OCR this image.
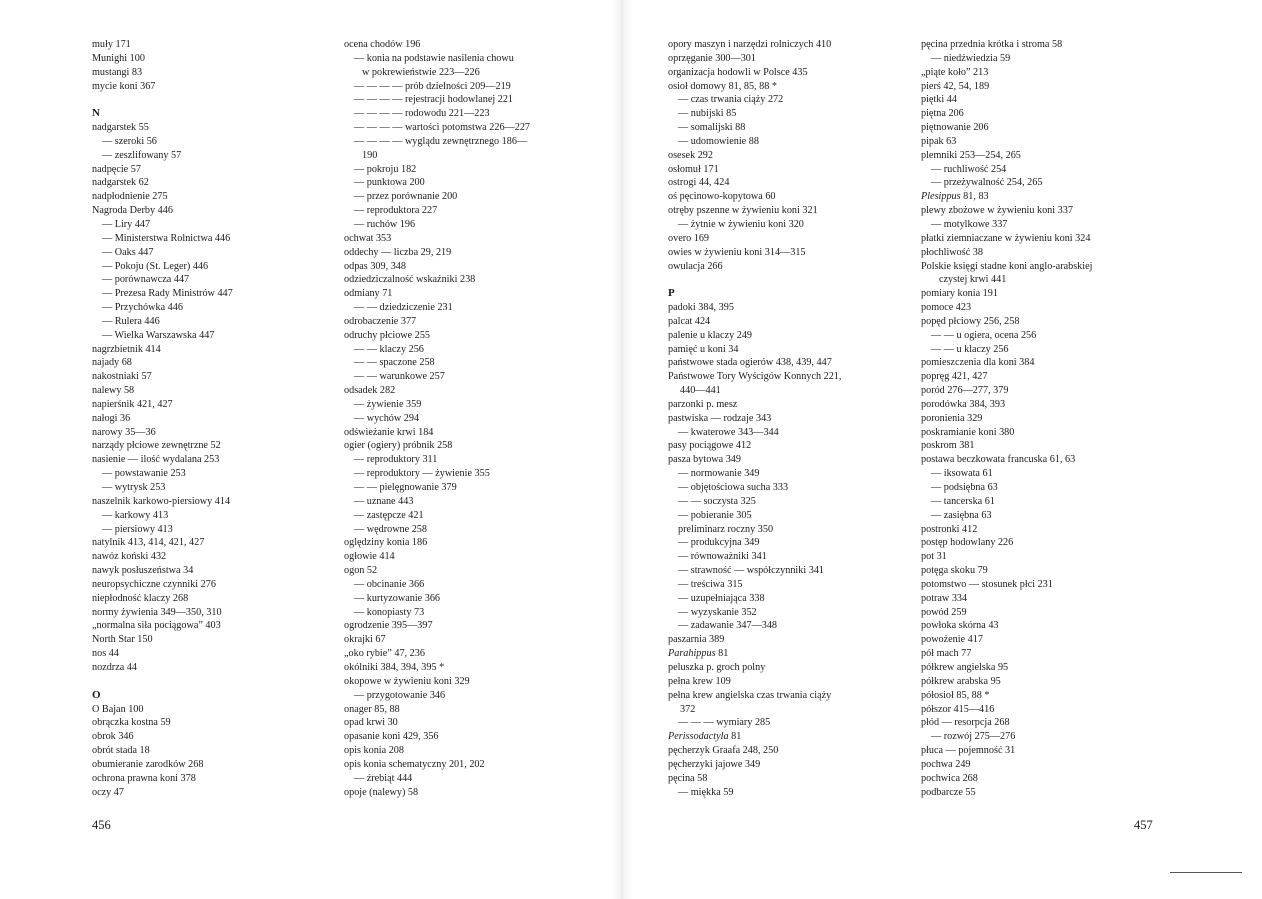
muły 171
Munighi 100
mustangi 83
mycie koni 367
N
nadgarstek 55
— szeroki 56
— zeszlifowany 57
nadpęcie 57
nadgarstek 62
nadpłodnienie 275
Nagroda Derby 446
— Liry 447
— Ministerstwa Rolnictwa 446
— Oaks 447
— Pokoju (St. Leger) 446
— porównawcza 447
— Prezesa Rady Ministrów 447
— Przychówka 446
— Rulera 446
— Wielka Warszawska 447
nagrzbietnik 414
najady 68
nakostniaki 57
nalewy 58
napierśnik 421, 427
nałogi 36
narowy 35—36
narządy płciowe zewnętrzne 52
nasienie — ilość wydalana 253
— powstawanie 253
— wytrysk 253
naszelnik karkowo-piersiowy 414
— karkowy 413
— piersiowy 413
natylnik 413, 414, 421, 427
nawóz koński 432
nawyk posłuszeństwa 34
neuropsychiczne czynniki 276
niepłodność klaczy 268
normy żywienia 349—350, 310
„normalna siła pociągowa” 403
North Star 150
nos 44
nozdrza 44
O
O Bajan 100
obrączka kostna 59
obrok 346
obrót stada 18
obumieranie zarodków 268
ochrona prawna koni 378
oczy 47
ocena chodów 196
— konia na podstawie nasilenia chowu
w pokrewieństwie 223—226
— — — — prób dzielności 209—219
— — — — rejestracji hodowlanej 221
— — — — rodowodu 221—223
— — — — wartości potomstwa 226—227
— — — — wyglądu zewnętrznego 186—
190
— pokroju 182
— punktowa 200
— przez porównanie 200
— reproduktora 227
— ruchów 196
ochwat 353
oddechy — liczba 29, 219
odpas 309, 348
odziedziczalność wskaźniki 238
odmiany 71
— — dziedziczenie 231
odrobaczenie 377
odruchy płciowe 255
— — klaczy 256
— — spaczone 258
— — warunkowe 257
odsadek 282
— żywienie 359
— wychów 294
odświeżanie krwi 184
ogier (ogiery) próbnik 258
— reproduktory 311
— reproduktory — żywienie 355
— — pielęgnowanie 379
— uznane 443
— zastępcze 421
— wędrowne 258
oględziny konia 186
ogłowie 414
ogon 52
— obcinanie 366
— kurtyzowanie 366
— konopiasty 73
ogrodzenie 395—397
okrajki 67
„oko rybie” 47, 236
okólniki 384, 394, 395 *
okopowe w żywieniu koni 329
— przygotowanie 346
onager 85, 88
opad krwi 30
opasanie koni 429, 356
opis konia 208
opis konia schematyczny 201, 202
— źrebiąt 444
opoje (nalewy) 58
opory maszyn i narzędzi rolniczych 410
oprzęganie 300—301
organizacja hodowli w Polsce 435
osioł domowy 81, 85, 88 *
— czas trwania ciąży 272
— nubijski 85
— somalijski 88
— udomowienie 88
osesek 292
osłomuł 171
ostrogi 44, 424
oś pęcinowo-kopytowa 60
otręby pszenne w żywieniu koni 321
— żytnie w żywieniu koni 320
overo 169
owies w żywieniu koni 314—315
owulacja 266
P
padoki 384, 395
palcat 424
palenie u klaczy 249
pamięć u koni 34
państwowe stada ogierów 438, 439, 447
Państwowe Tory Wyścigów Konnych 221,
440—441
parzonki p. mesz
pastwiska — rodzaje 343
— kwaterowe 343—344
pasy pociągowe 412
pasza bytowa 349
— normowanie 349
— objętościowa sucha 333
— — soczysta 325
— pobieranie 305
preliminarz roczny 350
— produkcyjna 349
— równoważniki 341
— strawność — współczynniki 341
— treściwa 315
— uzupełniająca 338
— wyzyskanie 352
— zadawanie 347—348
paszarnia 389
Parahippus 81
peluszka p. groch polny
pełna krew 109
pełna krew angielska czas trwania ciąży
372
— — — wymiary 285
Perissodactyla 81
pęcherzyk Graafa 248, 250
pęcherzyki jajowe 349
pęcina 58
— miękka 59
pęcina przednia krótka i stroma 58
— niedźwiedzia 59
„piąte koło” 213
pierś 42, 54, 189
piętki 44
piętna 206
piętnowanie 206
pipak 63
plemniki 253—254, 265
— ruchliwość 254
— przeżywalność 254, 265
Plesippus 81, 83
plewy zbożowe w żywieniu koni 337
— motylkowe 337
płatki ziemniaczane w żywieniu koni 324
płochliwość 38
Polskie księgi stadne koni anglo-arabskiej
czystej krwi 441
pomiary konia 191
pomoce 423
popęd płciowy 256, 258
— — u ogiera, ocena 256
— — u klaczy 256
pomieszczenia dla koni 384
popręg 421, 427
poród 276—277, 379
porodówka 384, 393
poronienia 329
poskramianie koni 380
poskrom 381
postawa beczkowata francuska 61, 63
— iksowata 61
— podsiębna 63
— tancerska 61
— zasiębna 63
postronki 412
postęp hodowlany 226
pot 31
potęga skoku 79
potomstwo — stosunek płci 231
potraw 334
powód 259
powłoka skórna 43
powożenie 417
pół mach 77
półkrew angielska 95
półkrew arabska 95
półosioł 85, 88 *
półszor 415—416
płód — resorpcja 268
— rozwój 275—276
płuca — pojemność 31
pochwa 249
pochwica 268
podbarcze 55
456	457
